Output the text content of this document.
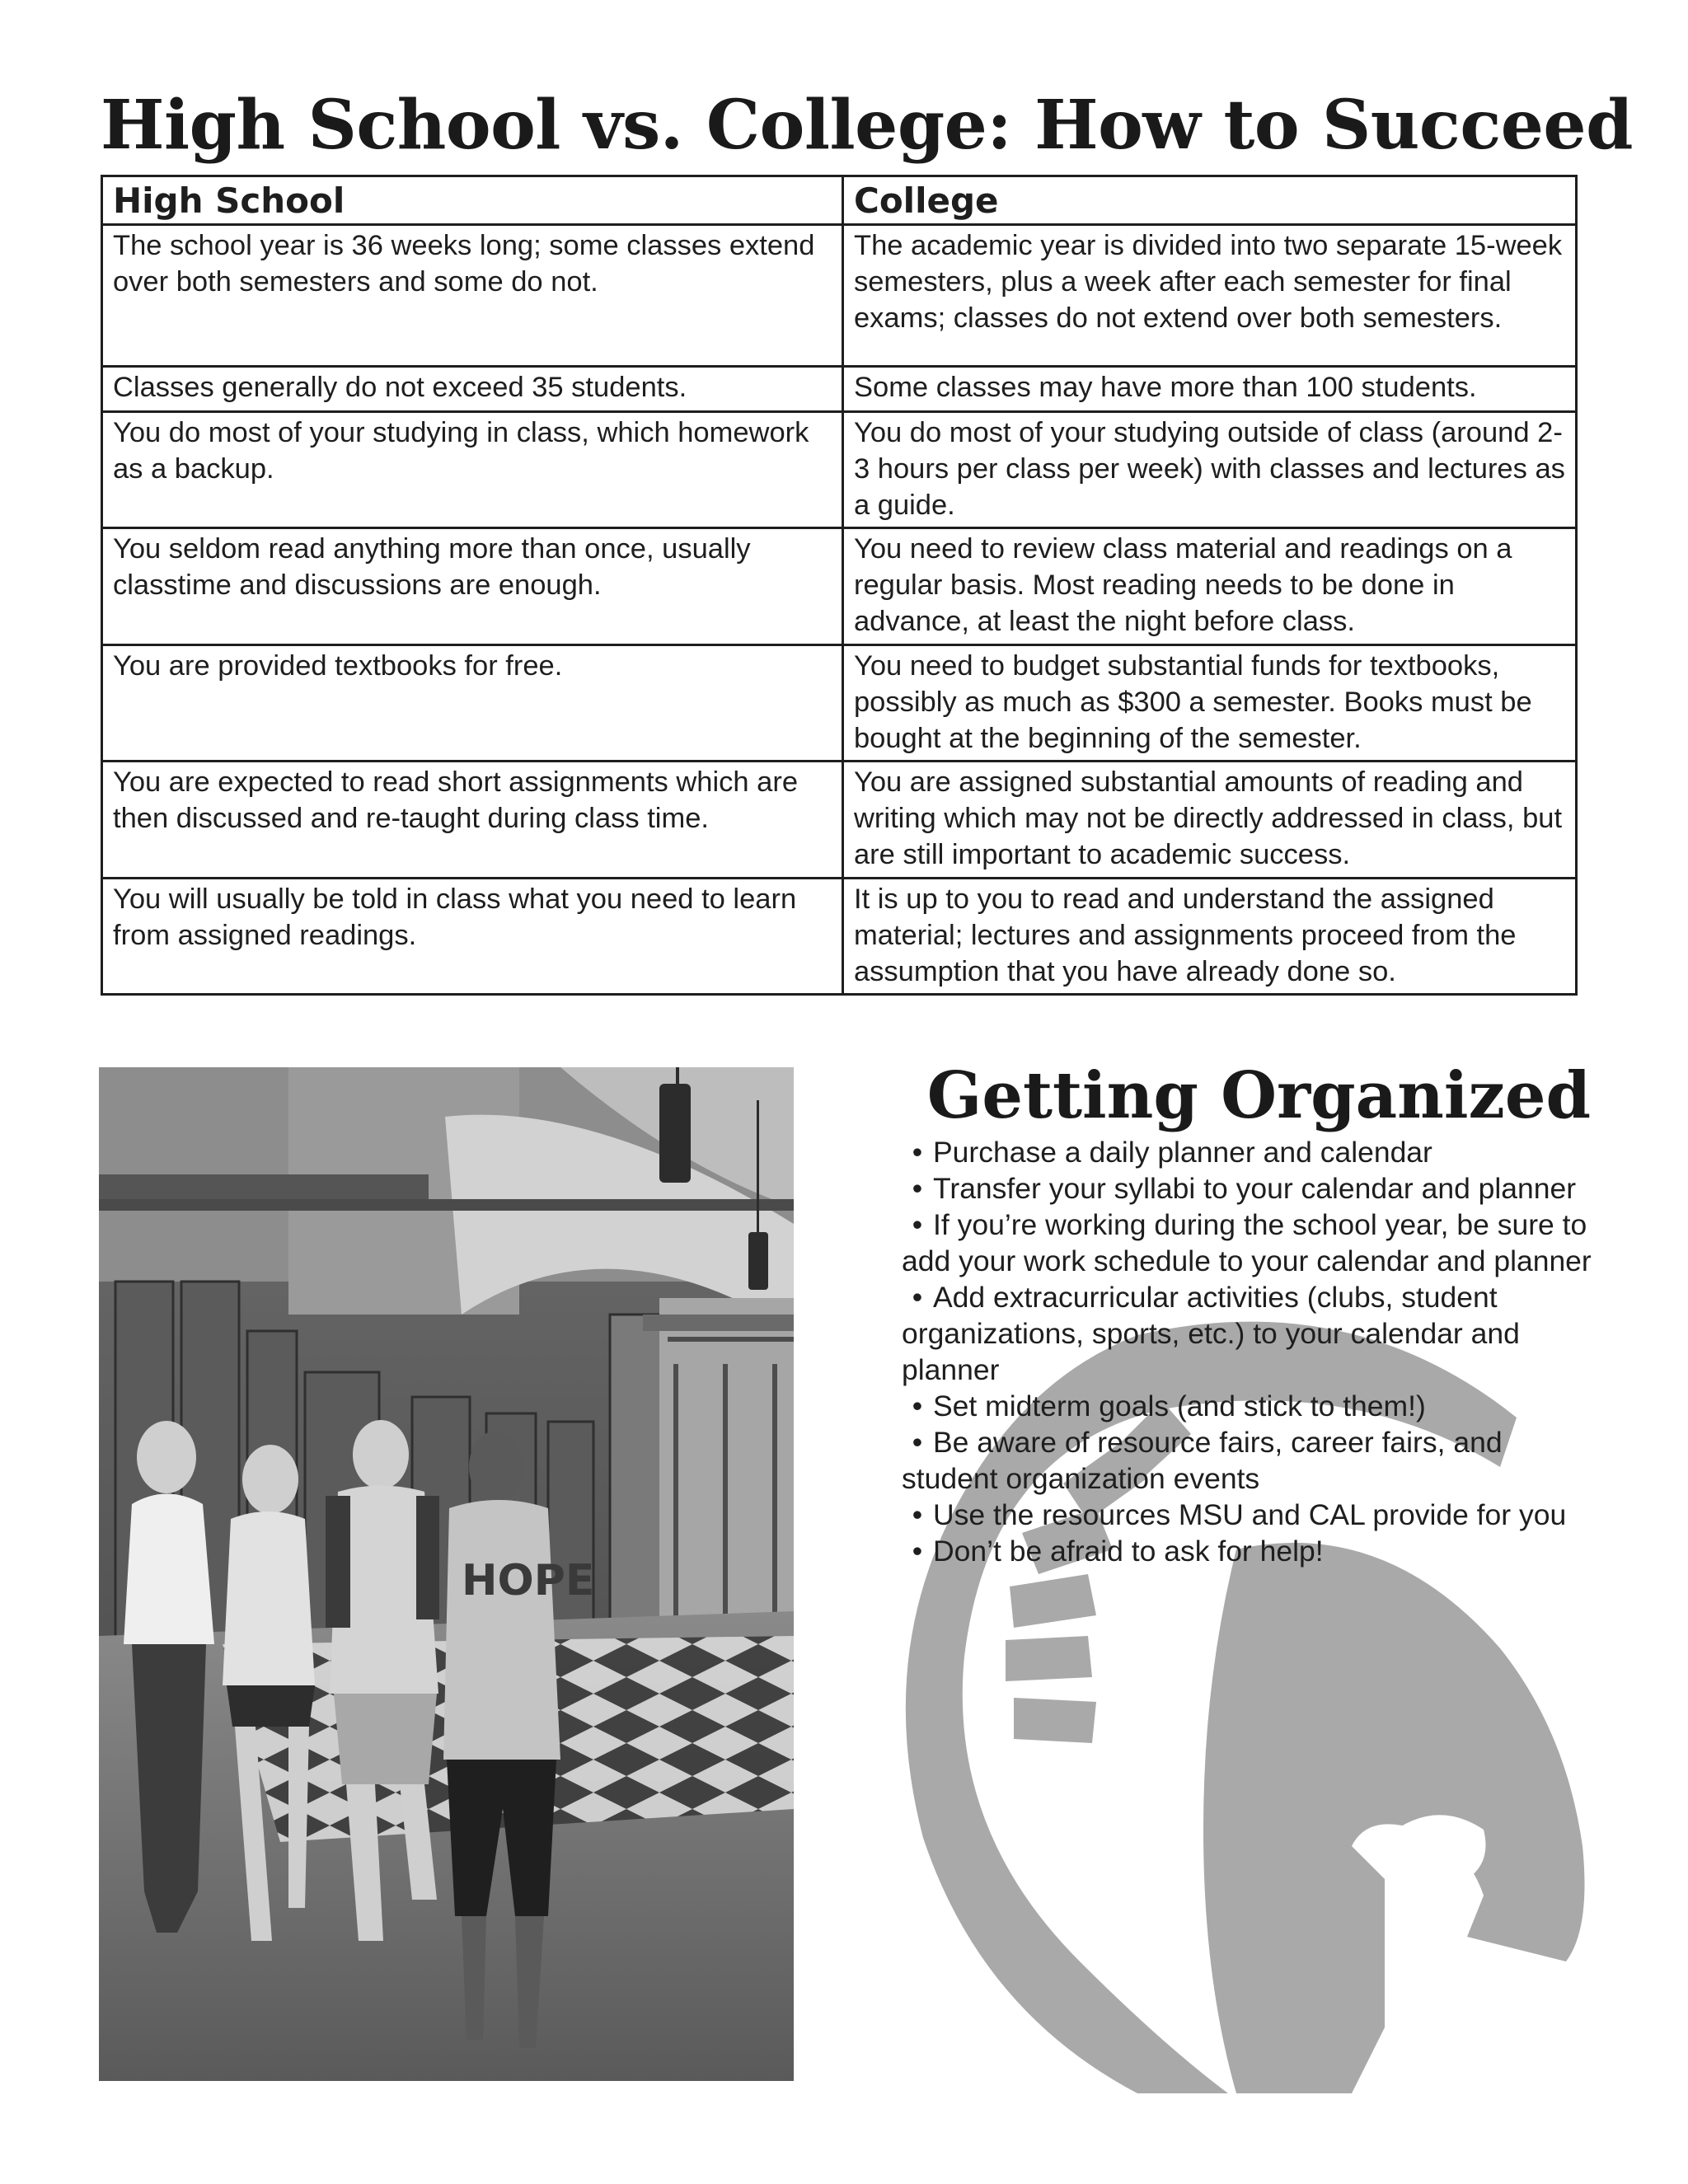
High School vs. College: How to Succeed
High School	College
The school year is 36 weeks long; some classes extend over both semesters and some do not.	The academic year is divided into two separate 15-week semesters, plus a week after each semester for final exams; classes do not extend over both semesters.
Classes generally do not exceed 35 students.	Some classes may have more than 100 students.
You do most of your studying in class, which homework as a backup.	You do most of your studying outside of class (around 2-3 hours per class per week) with classes and lectures as a guide.
You seldom read anything more than once, usually classtime and discussions are enough.	You need to review class material and readings on a regular basis. Most reading needs to be done in advance, at least the night before class.
You are provided textbooks for free.	You need to budget substantial funds for textbooks, possibly as much as $300 a semester. Books must be bought at the beginning of the semester.
You are expected to read short assignments which are then discussed and re-taught during class time.	You are assigned substantial amounts of reading and writing which may not be directly addressed in class, but are still important to academic success.
You will usually be told in class what you need to learn from assigned readings.	It is up to you to read and understand the assigned material; lectures and assignments proceed from the assumption that you have already done so.
HOPE
Getting Organized
• Purchase a daily planner and calendar
• Transfer your syllabi to your calendar and planner
• If you’re working during the school year, be sure to add your work schedule to your calendar and planner
• Add extracurricular activities (clubs, student organizations, sports, etc.) to your calendar and planner
• Set midterm goals (and stick to them!)
• Be aware of resource fairs, career fairs, and student organization events
• Use the resources MSU and CAL provide for you
• Don’t be afraid to ask for help!
